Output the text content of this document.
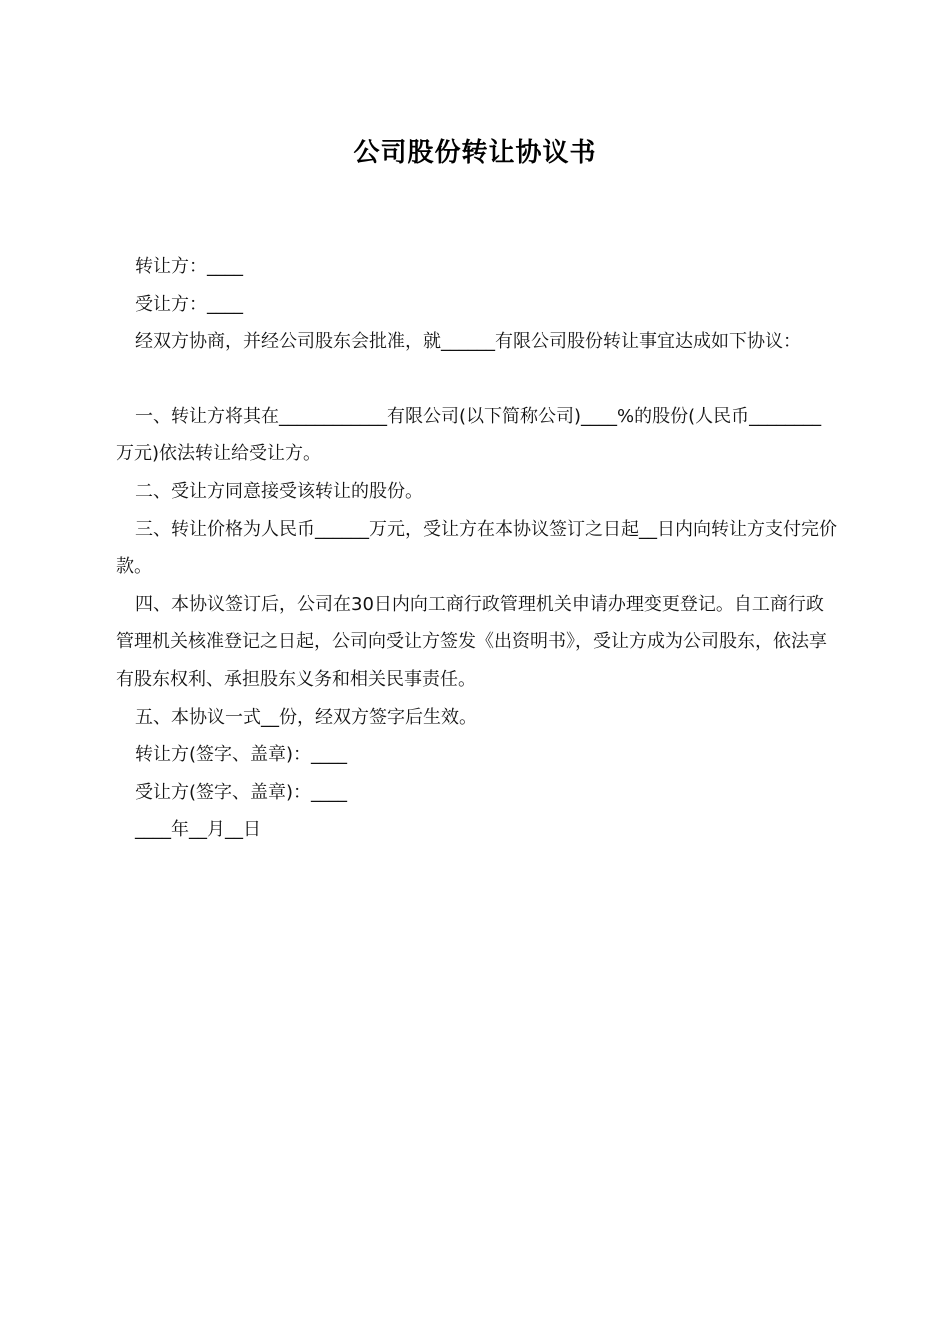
公司股份转让协议书

转让方：____

受让方：____

经双方协商，并经公司股东会批准，就______有限公司股份转让事宜达成如下协议：

一、转让方将其在____________有限公司(以下简称公司)____%的股份(人民币________万元)依法转让给受让方。

二、受让方同意接受该转让的股份。

三、转让价格为人民币______万元，受让方在本协议签订之日起__日内向转让方支付完价款。

四、本协议签订后，公司在30日内向工商行政管理机关申请办理变更登记。自工商行政管理机关核准登记之日起，公司向受让方签发《出资明书》，受让方成为公司股东，依法享有股东权利、承担股东义务和相关民事责任。

五、本协议一式__份，经双方签字后生效。

转让方(签字、盖章)：____

受让方(签字、盖章)：____

____年__月__日
